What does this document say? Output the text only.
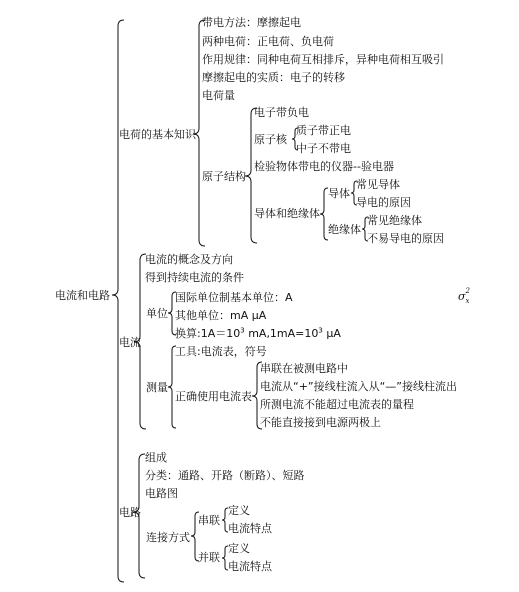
电流和电路
电荷的基本知识
带电方法：摩擦起电
两种电荷：正电荷、负电荷
作用规律：同种电荷互相排斥，异种电荷相互吸引
摩擦起电的实质：电子的转移
电荷量
原子结构
电子带负电
原子核
质子带正电
中子不带电
检验物体带电的仪器--验电器
导体和绝缘体
导体
常见导体
导电的原因
绝缘体
常见绝缘体
不易导电的原因
电流
电流的概念及方向
得到持续电流的条件
单位
国际单位制基本单位：A
其他单位：mA μA
换算$:1A=10^3$ $mA,1mA=10^3$ μA
测量
工具:电流表，符号
正确使用电流表
串联在被测电路中
电流从“+”接线柱流入从“—”接线柱流出
所测电流不能超过电流表的量程
不能直接接到电源两极上
σ 2
x
电路
组成
分类：通路、开路（断路）、短路
电路图
连接方式
串联
定义
电流特点
并联
定义
电流特点
